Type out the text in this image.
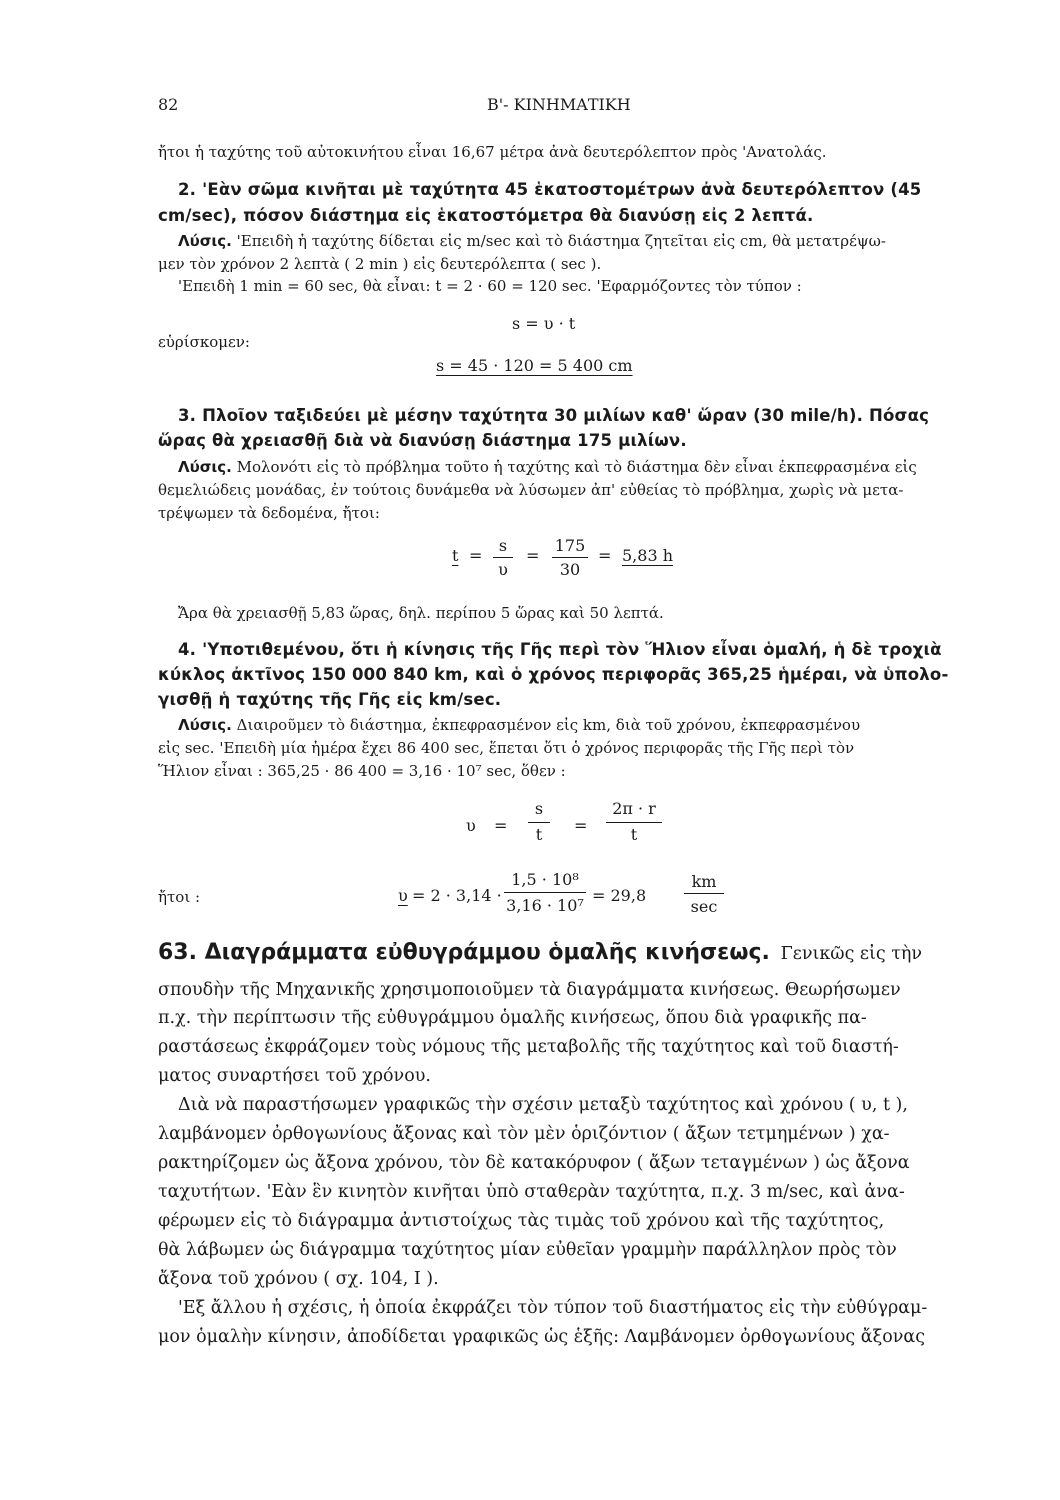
82	Β'- ΚΙΝΗΜΑΤΙΚΗ
ἤτοι ἡ ταχύτης τοῦ αὐτοκινήτου εἶναι 16,67 μέτρα ἀνὰ δευτερόλεπτον πρὸς 'Ανατολάς.
2. 'Εὰν σῶμα κινῆται μὲ ταχύτητα 45 ἑκατοστομέτρων ἀνὰ δευτερόλεπτον (45
cm/sec), πόσον διάστημα εἰς ἑκατοστόμετρα θὰ διανύσῃ εἰς 2 λεπτά.
Λύσις. 'Επειδὴ ἡ ταχύτης δίδεται εἰς m/sec καὶ τὸ διάστημα ζητεῖται εἰς cm, θὰ μετατρέψω-
μεν τὸν χρόνον 2 λεπτὰ ( 2 min ) εἰς δευτερόλεπτα ( sec ).
'Επειδὴ 1 min = 60 sec, θὰ εἶναι: t = 2 · 60 = 120 sec. 'Εφαρμόζοντες τὸν τύπον :
s = υ · t
εὑρίσκομεν:
s = 45 · 120 = 5 400 cm
3. Πλοῖον ταξιδεύει μὲ μέσην ταχύτητα 30 μιλίων καθ' ὥραν (30 mile/h). Πόσας
ὥρας θὰ χρειασθῇ διὰ νὰ διανύσῃ διάστημα 175 μιλίων.
Λύσις. Μολονότι εἰς τὸ πρόβλημα τοῦτο ἡ ταχύτης καὶ τὸ διάστημα δὲν εἶναι ἐκπεφρασμένα εἰς
θεμελιώδεις μονάδας, ἐν τούτοις δυνάμεθα νὰ λύσωμεν ἀπ' εὐθείας τὸ πρόβλημα, χωρὶς νὰ μετα-
τρέψωμεν τὰ δεδομένα, ἤτοι:
t =
s
υ
=
175
30
= 5,83 h
Ἄρα θὰ χρειασθῇ 5,83 ὥρας, δηλ. περίπου 5 ὥρας καὶ 50 λεπτά.
4. 'Υποτιθεμένου, ὅτι ἡ κίνησις τῆς Γῆς περὶ τὸν Ἥλιον εἶναι ὁμαλή, ἡ δὲ τροχιὰ
κύκλος ἀκτῖνος 150 000 840 km, καὶ ὁ χρόνος περιφορᾶς 365,25 ἡμέραι, νὰ ὑπολο-
γισθῇ ἡ ταχύτης τῆς Γῆς εἰς km/sec.
Λύσις. Διαιροῦμεν τὸ διάστημα, ἐκπεφρασμένον εἰς km, διὰ τοῦ χρόνου, ἐκπεφρασμένου
εἰς sec. 'Επειδὴ μία ἡμέρα ἔχει 86 400 sec, ἕπεται ὅτι ὁ χρόνος περιφορᾶς τῆς Γῆς περὶ τὸν
Ἥλιον εἶναι : 365,25 · 86 400 = 3,16 · 10⁷ sec, ὅθεν :
υ =
s
t	=
2π · r
t
ἤτοι :	υ = 2 · 3,14 ·
1,5 · 10⁸
3,16 · 10⁷
= 29,8
km
sec
63. Διαγράμματα εὐθυγράμμου ὁμαλῆς κινήσεως. Γενικῶς εἰς τὴν
σπουδὴν τῆς Μηχανικῆς χρησιμοποιοῦμεν τὰ διαγράμματα κινήσεως. Θεωρήσωμεν
π.χ. τὴν περίπτωσιν τῆς εὐθυγράμμου ὁμαλῆς κινήσεως, ὅπου διὰ γραφικῆς πα-
ραστάσεως ἐκφράζομεν τοὺς νόμους τῆς μεταβολῆς τῆς ταχύτητος καὶ τοῦ διαστή-
ματος συναρτήσει τοῦ χρόνου.
Διὰ νὰ παραστήσωμεν γραφικῶς τὴν σχέσιν μεταξὺ ταχύτητος καὶ χρόνου ( υ, t ),
λαμβάνομεν ὀρθογωνίους ἄξονας καὶ τὸν μὲν ὁριζόντιον ( ἄξων τετμημένων ) χα-
ρακτηρίζομεν ὡς ἄξονα χρόνου, τὸν δὲ κατακόρυφον ( ἄξων τεταγμένων ) ὡς ἄξονα
ταχυτήτων. 'Εὰν ἓν κινητὸν κινῆται ὑπὸ σταθερὰν ταχύτητα, π.χ. 3 m/sec, καὶ ἀνα-
φέρωμεν εἰς τὸ διάγραμμα ἀντιστοίχως τὰς τιμὰς τοῦ χρόνου καὶ τῆς ταχύτητος,
θὰ λάβωμεν ὡς διάγραμμα ταχύτητος μίαν εὐθεῖαν γραμμὴν παράλληλον πρὸς τὸν
ἄξονα τοῦ χρόνου ( σχ. 104, I ).
'Εξ ἄλλου ἡ σχέσις, ἡ ὁποία ἐκφράζει τὸν τύπον τοῦ διαστήματος εἰς τὴν εὐθύγραμ-
μον ὁμαλὴν κίνησιν, ἀποδίδεται γραφικῶς ὡς ἑξῆς: Λαμβάνομεν ὀρθογωνίους ἄξονας
